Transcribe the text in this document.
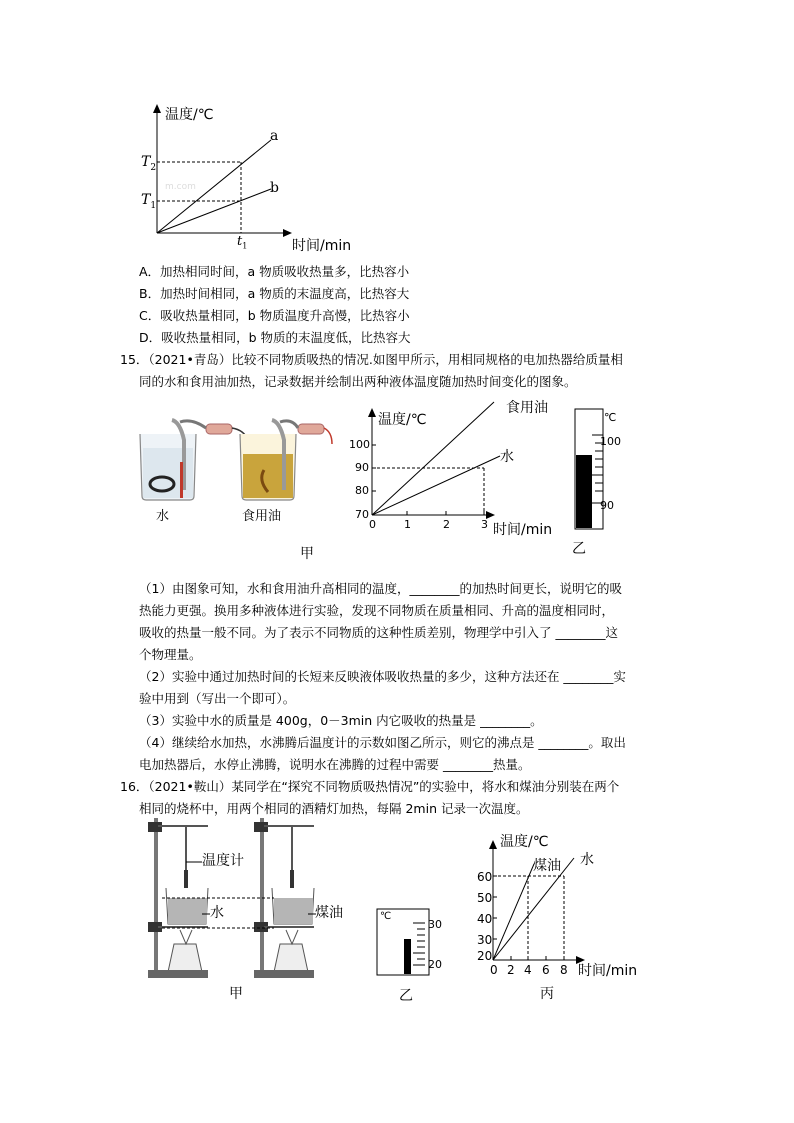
温度/℃
时间/min
a
b
$T_2$
$T_1$
$t_1$
m.com
A．加热相同时间，a 物质吸收热量多，比热容小
B．加热时间相同，a 物质的末温度高，比热容大
C．吸收热量相同，b 物质温度升高慢，比热容小
D．吸收热量相同，b 物质的末温度低，比热容大
15．（2021•青岛）比较不同物质吸热的情况.如图甲所示，用相同规格的电加热器给质量相
同的水和食用油加热，记录数据并绘制出两种液体温度随加热时间变化的图象。
水	食用油
甲
温度/℃
食用油
水
100
90
80
70
0	1	2	3 时间/min
℃
100
90
乙
（1）由图象可知，水和食用油升高相同的温度，________的加热时间更长，说明它的吸
热能力更强。换用多种液体进行实验，发现不同物质在质量相同、升高的温度相同时，
吸收的热量一般不同。为了表示不同物质的这种性质差别，物理学中引入了 ________这
个物理量。
（2）实验中通过加热时间的长短来反映液体吸收热量的多少，这种方法还在 ________实
验中用到（写出一个即可）。
（3）实验中水的质量是 400g，0－3min 内它吸收的热量是 ________。
（4）继续给水加热，水沸腾后温度计的示数如图乙所示，则它的沸点是 ________。取出
电加热器后，水停止沸腾，说明水在沸腾的过程中需要 ________热量。
16．（2021•鞍山）某同学在“探究不同物质吸热情况”的实验中，将水和煤油分别装在两个
相同的烧杯中，用两个相同的酒精灯加热，每隔 2min 记录一次温度。
温度计
水	煤油
甲
℃
30
20
乙
温度/℃
煤油 水
60
50
40
30
20
0 2 4 6 8 时间/min
丙
